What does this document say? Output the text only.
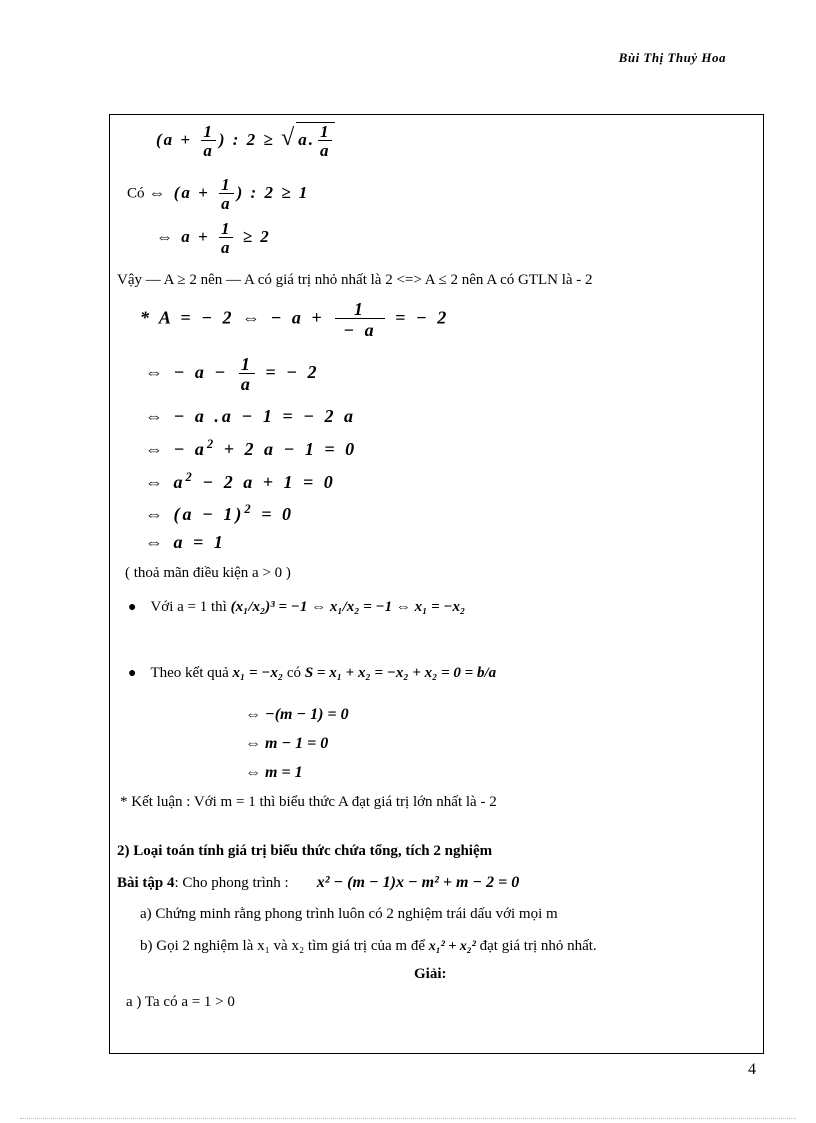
Bùi Thị Thuỷ Hoa
($a + \frac{1}{a}$ ) : 2 ≥ √ a. $\frac{1}{a}$
Có ⇔ ($a + \frac{1}{a}$ ) : 2 ≥ 1
⇔ $a + \frac{1}{a} \ge 2$
Vậy — A ≥ 2 nên — A có giá trị nhỏ nhất là 2 <=> A ≤ 2 nên A có GTLN là - 2
* A = − 2 ⇔ − $a + \frac{1}{- a}$ = − 2
⇔ − $a - \frac{1}{a}$ = − 2
⇔ − a .a − 1 = − 2 a
⇔ − $a^2 + 2$ a − 1 = 0
⇔ $a^2 - 2$ a + 1 = 0
⇔ $(a - 1)^2 = 0$
⇔ a = 1
( thoả mãn điều kiện a > 0 )
● Với a = 1 thì (x₁/x₂)³ = −1 ⇔ x₁/x₂ = −1 ⇔ x₁ = −x₂
● Theo kết quả x₁ = −x₂ có S = x₁ + x₂ = −x₂ + x₂ = 0 = b/a
⇔ −(m − 1) = 0
⇔ m − 1 = 0
⇔ m = 1
* Kết luận : Với m = 1 thì biểu thức A đạt giá trị lớn nhất là - 2
2) Loại toán tính giá trị biểu thức chứa tổng, tích 2 nghiệm
Bài tập 4: Cho phong trình : x² − (m − 1)x − m² + m − 2 = 0
a) Chứng minh rằng phong trình luôn có 2 nghiệm trái dấu với mọi m
b) Gọi 2 nghiệm là x₁ và x₂ tìm giá trị của m để x₁² + x₂² đạt giá trị nhỏ nhất.
Giải:
a ) Ta có a = 1 > 0
4
